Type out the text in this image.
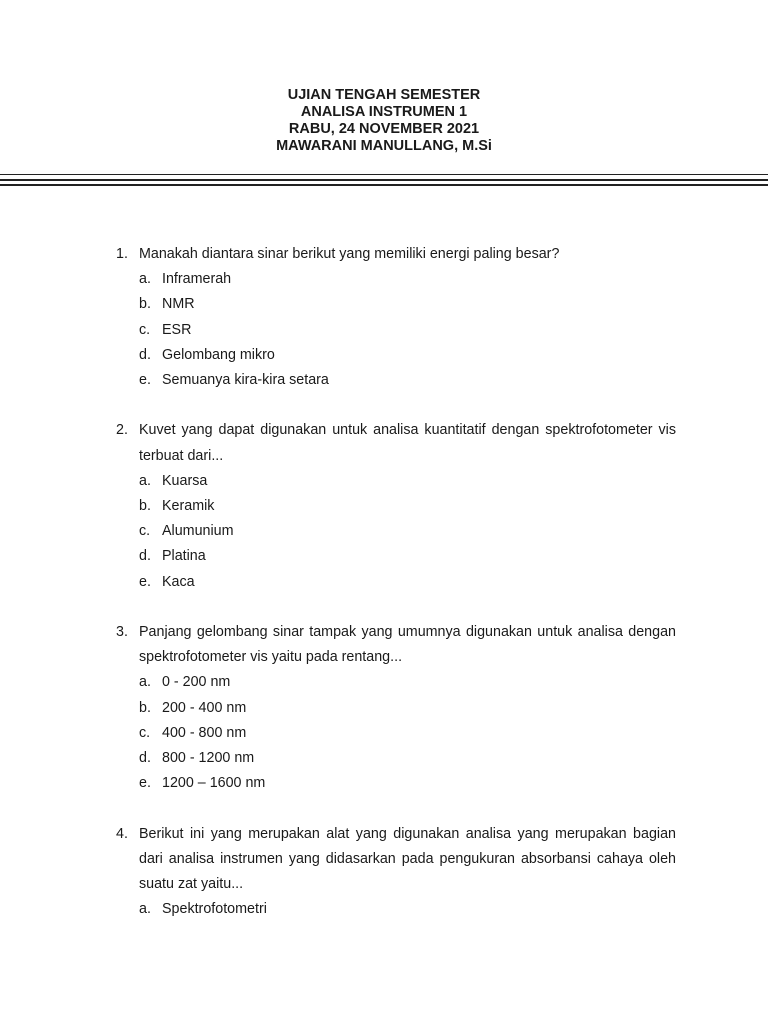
UJIAN TENGAH SEMESTER
ANALISA INSTRUMEN 1
RABU, 24 NOVEMBER 2021
MAWARANI MANULLANG, M.Si
1. Manakah diantara sinar berikut yang memiliki energi paling besar?
a. Inframerah
b. NMR
c. ESR
d. Gelombang mikro
e. Semuanya kira-kira setara
2. Kuvet yang dapat digunakan untuk analisa kuantitatif dengan spektrofotometer vis terbuat dari...
a. Kuarsa
b. Keramik
c. Alumunium
d. Platina
e. Kaca
3. Panjang gelombang sinar tampak yang umumnya digunakan untuk analisa dengan spektrofotometer vis yaitu pada rentang...
a. 0 - 200 nm
b. 200 - 400 nm
c. 400 - 800 nm
d. 800 - 1200 nm
e. 1200 – 1600 nm
4. Berikut ini yang merupakan alat yang digunakan analisa yang merupakan bagian dari analisa instrumen yang didasarkan pada pengukuran absorbansi cahaya oleh suatu zat yaitu...
a. Spektrofotometri
